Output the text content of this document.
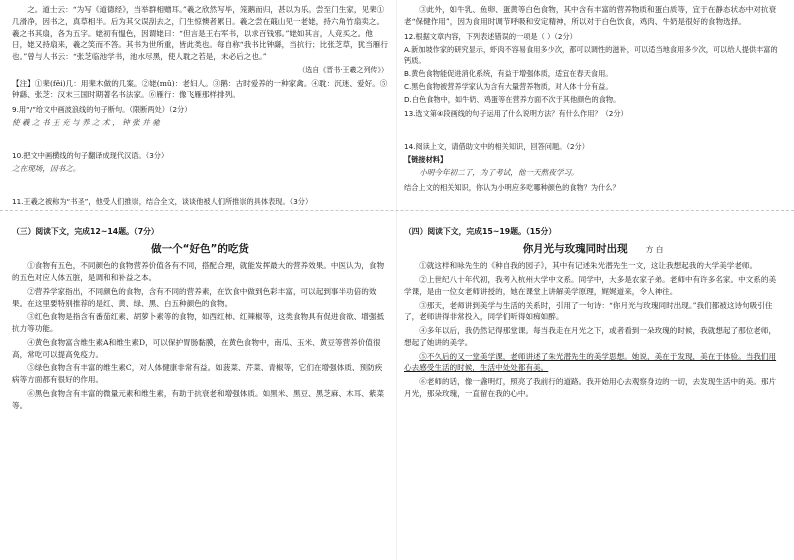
之。道士云：“为写《道德经》，当举群相赠耳。”羲之欣然写毕，笼鹅而归，甚以为乐。尝至门生家，见棐①几滑净，因书之，真草相半。后为其父误刮去之，门生惊懊者累日。羲之尝在蕺山见一老姥，持六角竹扇卖之。羲之书其扇，各为五字。姥初有愠色，因谓姥曰：“但言是王右军书，以求百钱邪。”姥如其言，人竞买之。他日，姥又持扇来，羲之笑而不答。其书为世所重，皆此类也。每自称“我书比钟繇，当抗行；比张芝草，犹当雁行也。”曾与人书云：“张芝临池学书，池水尽黑，使人耽之若是，未必后之也。”

（选自《晋书·王羲之列传》）

【注】①棐(fěi)几：用棐木做的几案。②姥(mǔ)：老妇人。③鹅：古时爱养的一种家禽。④耽：沉迷、爱好。⑤钟繇、张芝：汉末三国时期著名书法家。⑥雁行：像飞雁那样排列。

9.用“/”给文中画波浪线的句子断句。（限断两处）（2分）

使 羲 之 书 王 充 与 养 之 术 ， 钟 张 并 驰

10.把文中画横线的句子翻译成现代汉语。（3分）

之在现场，因书之。

11.王羲之被称为“书圣”，他受人们推崇，结合全文，谈谈他被人们所推崇的具体表现。（3分）

③此外，如牛乳、鱼卵、蛋黄等白色食物，其中含有丰富的营养物质和蛋白质等，宜于在静态状态中对抗衰老“保健作用”，因为食用时调节呼吸和安定精神，所以对于白色饮食，鸡肉、牛奶是很好的食物选择。

12.根据文章内容，下列表述错误的一项是（ ）（2分）

A.新加坡作家的研究显示，虾肉不容易食用多少次，都可以调性的滋补，可以适当地食用多少次，可以给人提供丰富的钙质。

B.黄色食物能促进消化系统，有益于增强体质，适宜在春天食用。

C.黑色食物被营养学家认为含有大量营养物质，对人体十分有益。

D.白色食物中，如牛奶、鸡蛋等在营养方面不次于其他颜色的食物。

13.选文第④段画线的句子运用了什么说明方法？有什么作用？（2分）

14.阅读上文，请借助文中的相关知识，回答问题。（2分）

【链接材料】

小明今年初二了，为了考试，他一天熬夜学习。

结合上文的相关知识，你认为小明应多吃哪种颜色的食物？为什么？

（三）阅读下文，完成12~14题。（7分）

做一个“好色”的吃货

①食物有五色，不同颜色的食物营养价值各有不同，搭配合理，就能发挥最大的营养效果。中医认为，食物的五色对应人体五脏，是调和和补益之本。

②营养学家指出，不同颜色的食物，含有不同的营养素，在饮食中做到色彩丰富，可以起到事半功倍的效果。在这里要特别推荐的是红、黄、绿、黑、白五种颜色的食物。

③红色食物是指含有番茄红素、胡萝卜素等的食物，如西红柿、红辣椒等，这类食物具有促进食欲、增强抵抗力等功能。

④黄色食物富含维生素A和维生素D，可以保护胃肠黏膜，在黄色食物中，南瓜、玉米、黄豆等营养价值很高，常吃可以提高免疫力。

⑤绿色食物含有丰富的维生素C，对人体健康非常有益。如菠菜、芹菜、青椒等，它们在增强体质、预防疾病等方面都有很好的作用。

⑥黑色食物含有丰富的微量元素和维生素，有助于抗衰老和增强体质。如黑米、黑豆、黑芝麻、木耳、紫菜等。

（四）阅读下文，完成15~19题。（15分）

你月光与玫瑰同时出现 方 白

①就这样和咏先生的《种自我的园子》，其中有记述朱光潜先生一文，这让我想起我的大学美学老师。

②上世纪八十年代初，我考入杭州大学中文系。同学中，大多是农家子弟。老师中有许多名家。中文系的美学课，是由一位女老师讲授的，她在课堂上讲解美学原理，娓娓道来，令人神往。

③那天，老师讲到美学与生活的关系时，引用了一句诗：“你月光与玫瑰同时出现。”我们都被这诗句吸引住了，老师讲得非常投入，同学们听得如痴如醉。

④多年以后，我仍然记得那堂课。每当我走在月光之下，或者看到一朵玫瑰的时候，我就想起了那位老师，想起了她讲的美学。

⑤不久后的又一堂美学课，老师讲述了朱光潜先生的美学思想。她说，美在于发现，美在于体验。当我们用心去感受生活的时候，生活中处处都有美。

⑥老师的话，像一盏明灯，照亮了我前行的道路。我开始用心去观察身边的一切，去发现生活中的美。那片月光，那朵玫瑰，一直留在我的心中。
